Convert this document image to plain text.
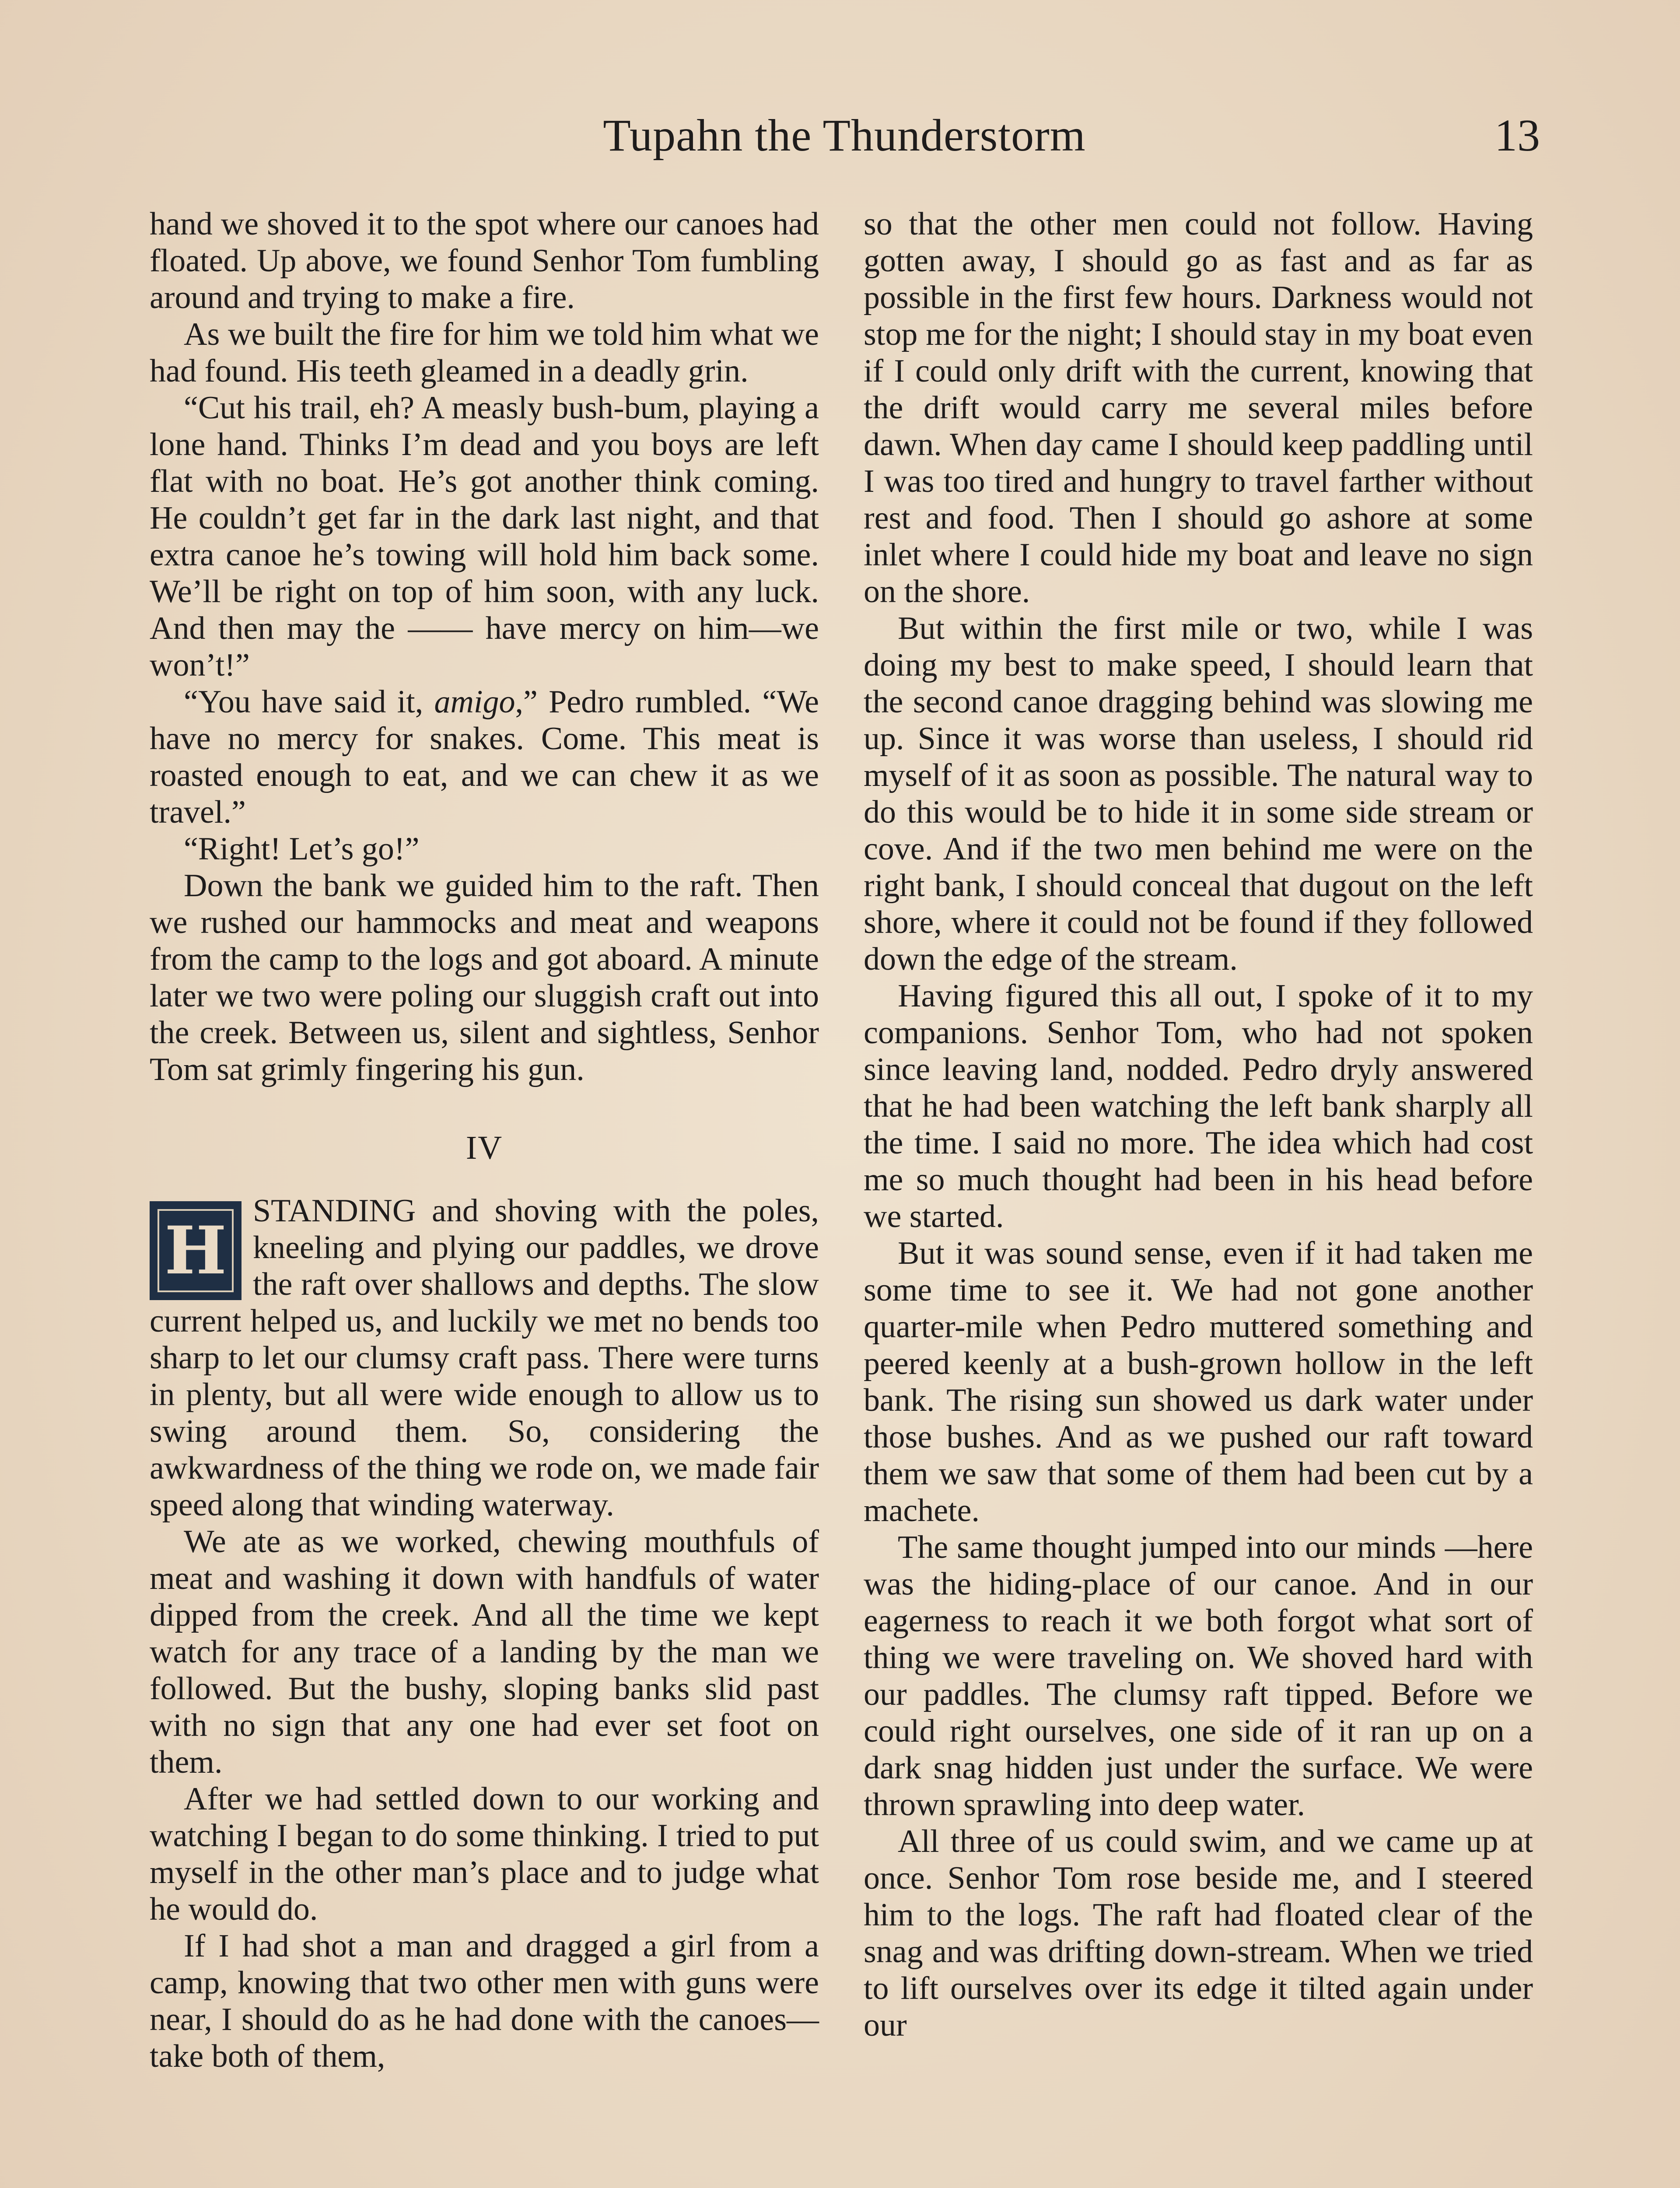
Tupahn the Thunderstorm	13

hand we shoved it to the spot where our canoes had floated. Up above, we found Senhor Tom fumbling around and trying to make a fire.

As we built the fire for him we told him what we had found. His teeth gleamed in a deadly grin.

“Cut his trail, eh? A measly bush-bum, playing a lone hand. Thinks I’m dead and you boys are left flat with no boat. He’s got another think coming. He couldn’t get far in the dark last night, and that extra canoe he’s towing will hold him back some. We’ll be right on top of him soon, with any luck. And then may the —— have mercy on him—we won’t!”

“You have said it, amigo,” Pedro rumbled. “We have no mercy for snakes. Come. This meat is roasted enough to eat, and we can chew it as we travel.”

“Right! Let’s go!”

Down the bank we guided him to the raft. Then we rushed our hammocks and meat and weapons from the camp to the logs and got aboard. A minute later we two were poling our sluggish craft out into the creek. Between us, silent and sightless, Senhor Tom sat grimly fingering his gun.

IV

H
STANDING and shoving with the poles, kneeling and plying our paddles, we drove the raft over shallows and depths. The slow current helped us, and luckily we met no bends too sharp to let our clumsy craft pass. There were turns in plenty, but all were wide enough to allow us to swing around them. So, considering the awkwardness of the thing we rode on, we made fair speed along that winding waterway.

We ate as we worked, chewing mouthfuls of meat and washing it down with handfuls of water dipped from the creek. And all the time we kept watch for any trace of a landing by the man we followed. But the bushy, sloping banks slid past with no sign that any one had ever set foot on them.

After we had settled down to our working and watching I began to do some thinking. I tried to put myself in the other man’s place and to judge what he would do.

If I had shot a man and dragged a girl from a camp, knowing that two other men with guns were near, I should do as he had done with the canoes—take both of them,

so that the other men could not follow. Having gotten away, I should go as fast and as far as possible in the first few hours. Darkness would not stop me for the night; I should stay in my boat even if I could only drift with the current, knowing that the drift would carry me several miles before dawn. When day came I should keep paddling until I was too tired and hungry to travel farther without rest and food. Then I should go ashore at some inlet where I could hide my boat and leave no sign on the shore.

But within the first mile or two, while I was doing my best to make speed, I should learn that the second canoe dragging behind was slowing me up. Since it was worse than useless, I should rid myself of it as soon as possible. The natural way to do this would be to hide it in some side stream or cove. And if the two men behind me were on the right bank, I should conceal that dugout on the left shore, where it could not be found if they followed down the edge of the stream.

Having figured this all out, I spoke of it to my companions. Senhor Tom, who had not spoken since leaving land, nodded. Pedro dryly answered that he had been watching the left bank sharply all the time. I said no more. The idea which had cost me so much thought had been in his head before we started.

But it was sound sense, even if it had taken me some time to see it. We had not gone another quarter-mile when Pedro muttered something and peered keenly at a bush-grown hollow in the left bank. The rising sun showed us dark water under those bushes. And as we pushed our raft toward them we saw that some of them had been cut by a machete.

The same thought jumped into our minds —here was the hiding-place of our canoe. And in our eagerness to reach it we both forgot what sort of thing we were traveling on. We shoved hard with our paddles. The clumsy raft tipped. Before we could right ourselves, one side of it ran up on a dark snag hidden just under the surface. We were thrown sprawling into deep water.

All three of us could swim, and we came up at once. Senhor Tom rose beside me, and I steered him to the logs. The raft had floated clear of the snag and was drifting down-stream. When we tried to lift ourselves over its edge it tilted again under our
